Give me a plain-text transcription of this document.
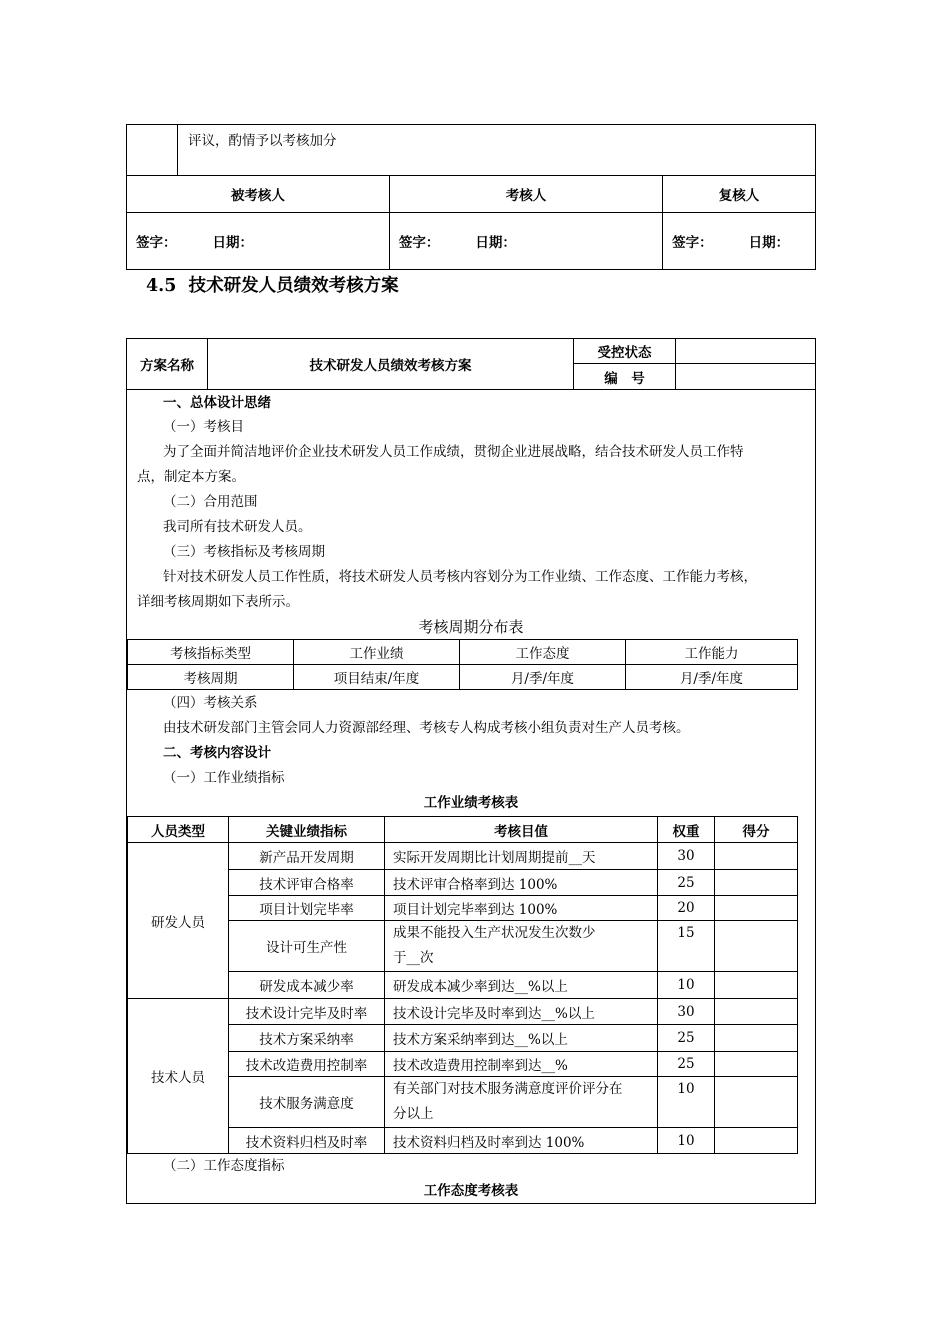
	评议，酌情予以考核加分		
被考核人		考核人	复核人
签字： 日期：		签字： 日期：	签字： 日期：
4.5  技术研发人员绩效考核方案
方案名称	技术研发人员绩效考核方案	受控状态	
		编　号	
一、总体设计思绪
（一）考核目
为了全面并简洁地评价企业技术研发人员工作成绩，贯彻企业进展战略，结合技术研发人员工作特
点，制定本方案。
（二）合用范围
我司所有技术研发人员。
（三）考核指标及考核周期
针对技术研发人员工作性质，将技术研发人员考核内容划分为工作业绩、工作态度、工作能力考核，
详细考核周期如下表所示。
考核周期分布表
考核指标类型	工作业绩	工作态度	工作能力
考核周期	项目结束/年度	月/季/年度	月/季/年度
（四）考核关系
由技术研发部门主管会同人力资源部经理、考核专人构成考核小组负责对生产人员考核。
二、考核内容设计
（一）工作业绩指标
工作业绩考核表
人员类型	关键业绩指标	考核目值	权重	得分
研发人员	新产品开发周期	实际开发周期比计划周期提前__天	30	
	技术评审合格率	技术评审合格率到达 100%	25	
	项目计划完毕率	项目计划完毕率到达 100%	20	
	设计可生产性	成果不能投入生产状况发生次数少
于__次	15	
	研发成本减少率	研发成本减少率到达__%以上	10	
技术人员	技术设计完毕及时率	技术设计完毕及时率到达__%以上	30	
	技术方案采纳率	技术方案采纳率到达__%以上	25	
	技术改造费用控制率	技术改造费用控制率到达__%	25	
	技术服务满意度	有关部门对技术服务满意度评价评分在
分以上	10	
	技术资料归档及时率	技术资料归档及时率到达 100%	10	
（二）工作态度指标
工作态度考核表
